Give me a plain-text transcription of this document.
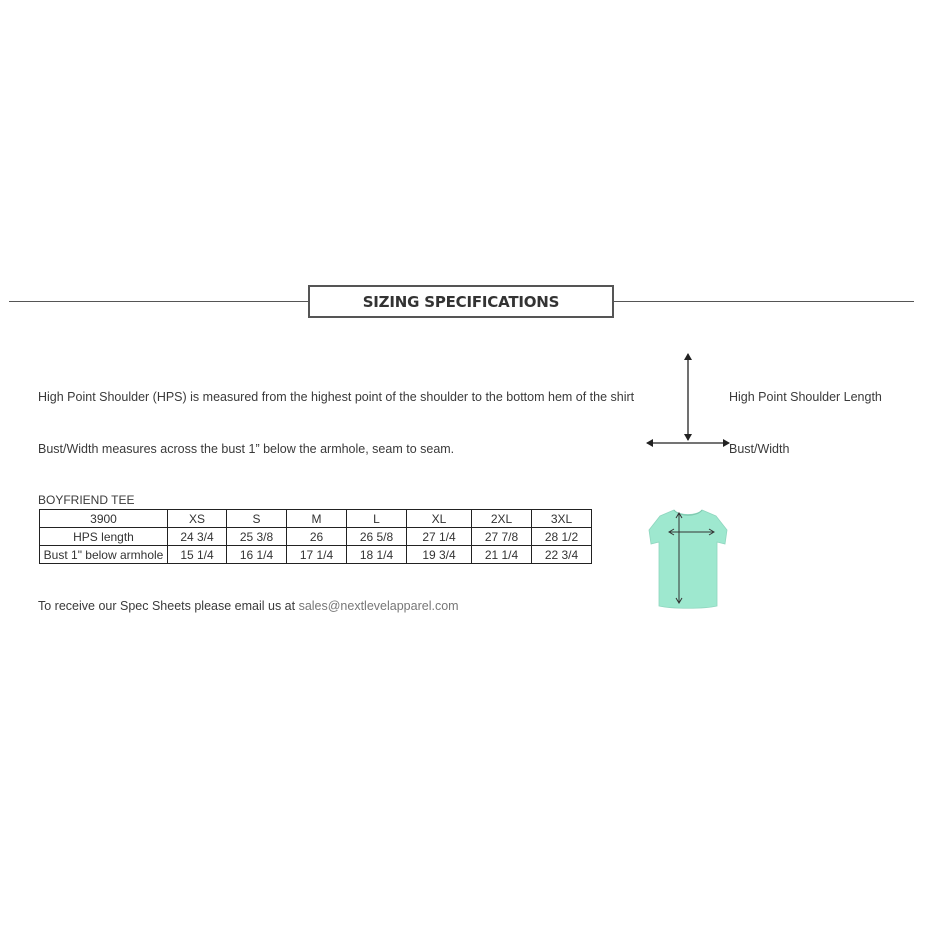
SIZING SPECIFICATIONS
High Point Shoulder (HPS) is measured from the highest point of the shoulder to the bottom hem of the shirt
Bust/Width measures across the bust 1” below the armhole, seam to seam.
High Point Shoulder Length
Bust/Width
BOYFRIEND TEE
3900	XS	S	M	L	XL	2XL	3XL
HPS length	24 3/4	25 3/8	26	26 5/8	27 1/4	27 7/8	28 1/2
Bust 1" below armhole	15 1/4	16 1/4	17 1/4	18 1/4	19 3/4	21 1/4	22 3/4
To receive our Spec Sheets please email us at sales@nextlevelapparel.com
